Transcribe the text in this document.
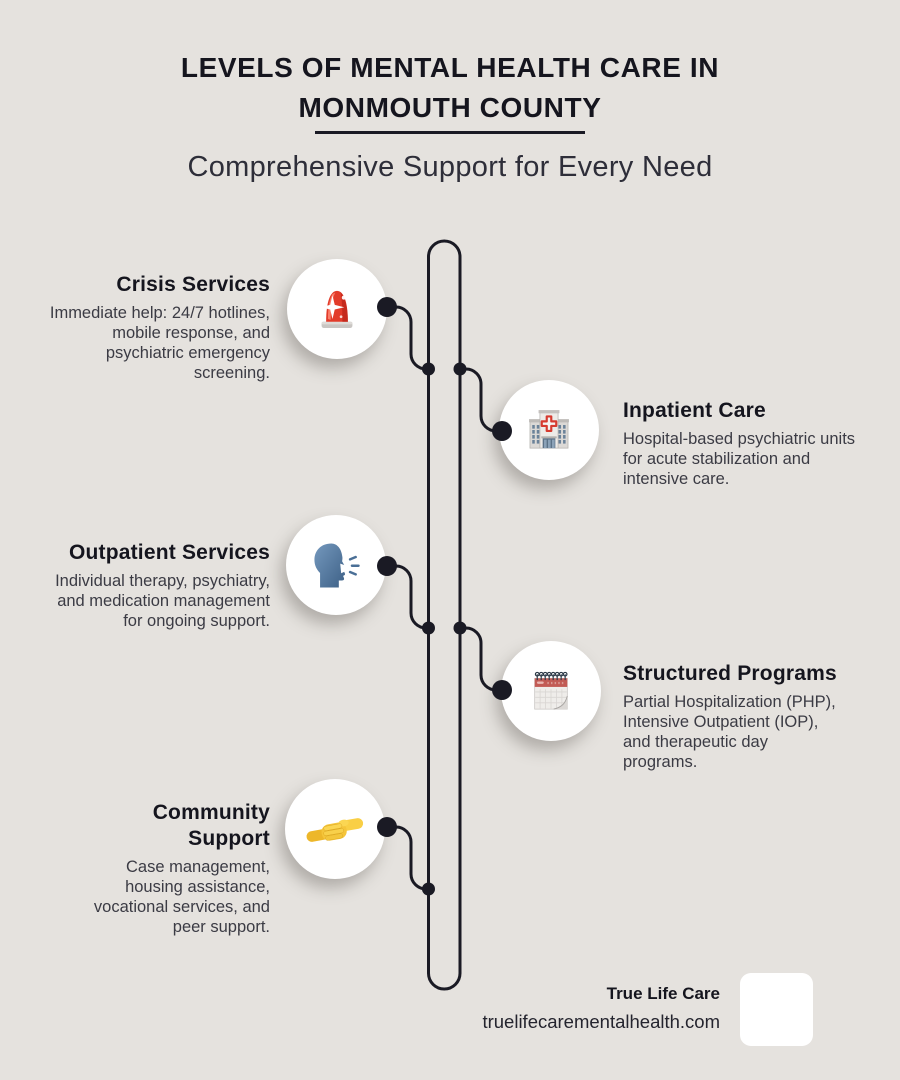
LEVELS OF MENTAL HEALTH CARE IN
MONMOUTH COUNTY
Comprehensive Support for Every Need
Crisis Services

Immediate help: 24/7 hotlines, mobile response, and psychiatric emergency screening.

Inpatient Care

Hospital-based psychiatric units for acute stabilization and intensive care.

Outpatient Services

Individual therapy, psychiatry, and medication management for ongoing support.

Structured Programs

Partial Hospitalization (PHP), Intensive Outpatient (IOP), and therapeutic day programs.

Community Support

Case management, housing assistance, vocational services, and peer support.

True Life Care
truelifecarementalhealth.com
